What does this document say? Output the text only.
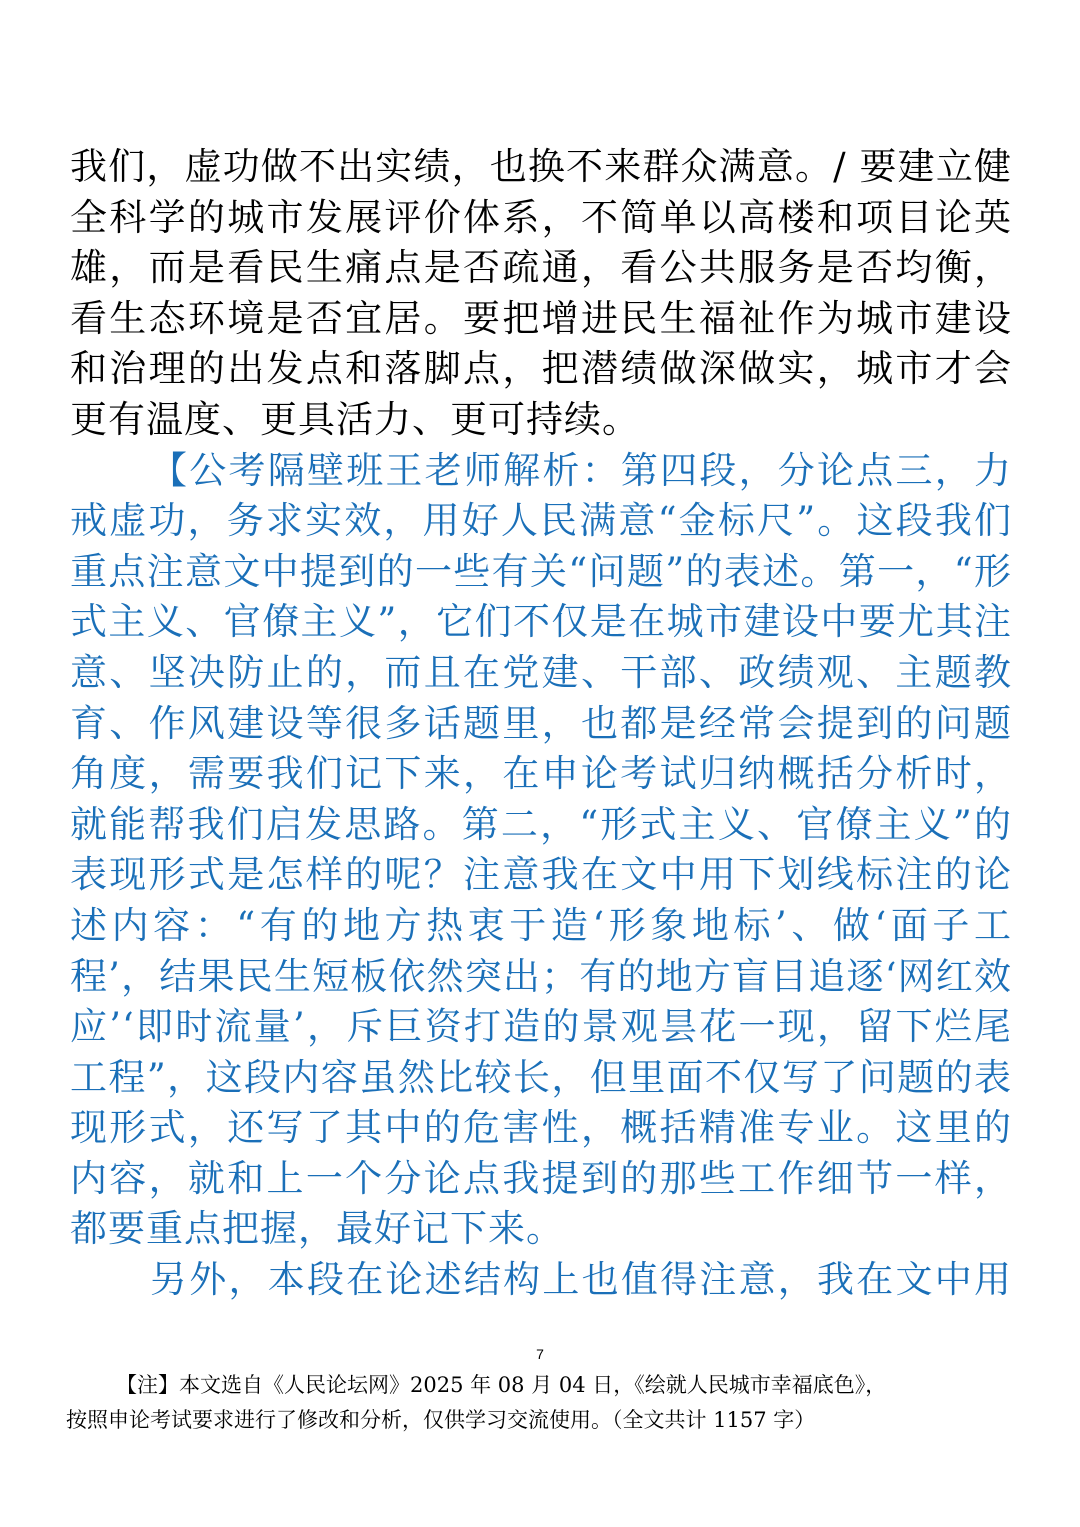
我们，虚功做不出实绩，也换不来群众满意。/ 要建立健全科学的城市发展评价体系，不简单以高楼和项目论英雄，而是看民生痛点是否疏通，看公共服务是否均衡，看生态环境是否宜居。要把增进民生福祉作为城市建设和治理的出发点和落脚点，把潜绩做深做实，城市才会更有温度、更具活力、更可持续。

【公考隔壁班王老师解析：第四段，分论点三，力戒虚功，务求实效，用好人民满意“金标尺”。这段我们重点注意文中提到的一些有关“问题”的表述。第一，“形式主义、官僚主义”，它们不仅是在城市建设中要尤其注意、坚决防止的，而且在党建、干部、政绩观、主题教育、作风建设等很多话题里，也都是经常会提到的问题角度，需要我们记下来，在申论考试归纳概括分析时，就能帮我们启发思路。第二，“形式主义、官僚主义”的表现形式是怎样的呢？注意我在文中用下划线标注的论述内容：“有的地方热衷于造‘形象地标’、做‘面子工程’，结果民生短板依然突出；有的地方盲目追逐‘网红效应’‘即时流量’，斥巨资打造的景观昙花一现，留下烂尾工程”，这段内容虽然比较长，但里面不仅写了问题的表现形式，还写了其中的危害性，概括精准专业。这里的内容，就和上一个分论点我提到的那些工作细节一样，都要重点把握，最好记下来。

另外，本段在论述结构上也值得注意，我在文中用

7

【注】本文选自《人民论坛网》2025 年 08 月 04 日，《绘就人民城市幸福底色》，

按照申论考试要求进行了修改和分析，仅供学习交流使用。（全文共计 1157 字）
